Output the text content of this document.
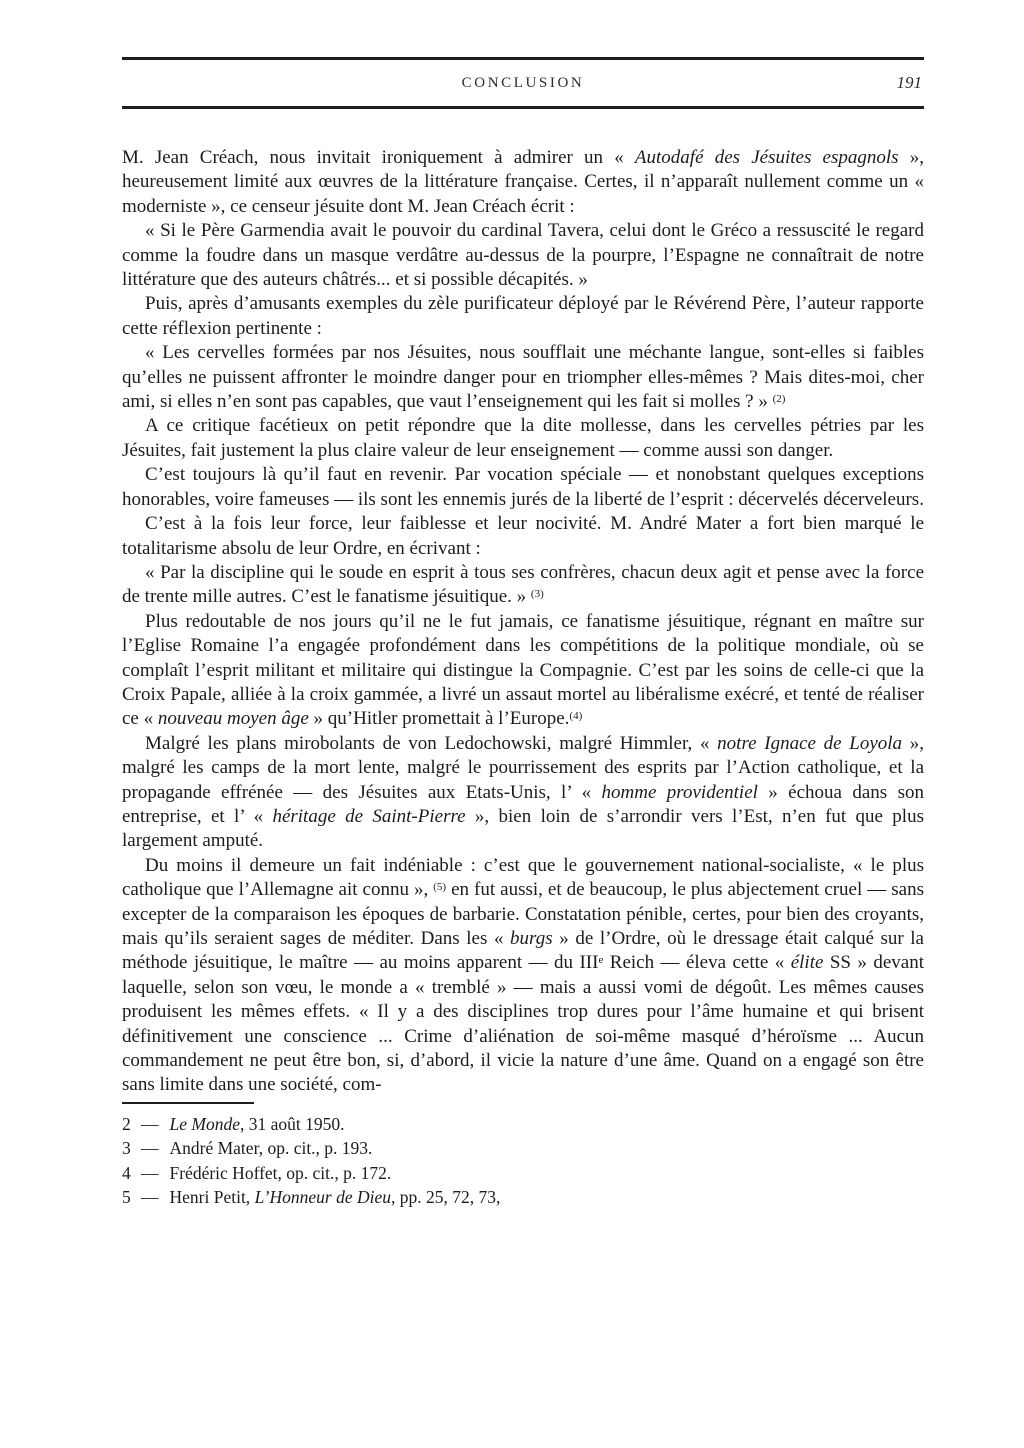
CONCLUSION	191

M. Jean Créach, nous invitait ironiquement à admirer un « Autodafé des Jésuites espagnols », heureusement limité aux œuvres de la littérature française. Certes, il n’apparaît nullement comme un « moderniste », ce censeur jésuite dont M. Jean Créach écrit :

« Si le Père Garmendia avait le pouvoir du cardinal Tavera, celui dont le Gréco a ressuscité le regard comme la foudre dans un masque verdâtre au-dessus de la pourpre, l’Espagne ne connaîtrait de notre littérature que des auteurs châtrés... et si possible décapités. »

Puis, après d’amusants exemples du zèle purificateur déployé par le Révérend Père, l’auteur rapporte cette réflexion pertinente :

« Les cervelles formées par nos Jésuites, nous soufflait une méchante langue, sont-elles si faibles qu’elles ne puissent affronter le moindre danger pour en triompher elles-mêmes ? Mais dites-moi, cher ami, si elles n’en sont pas capables, que vaut l’enseignement qui les fait si molles ? » $^{(2)}$

A ce critique facétieux on petit répondre que la dite mollesse, dans les cervelles pétries par les Jésuites, fait justement la plus claire valeur de leur enseignement — comme aussi son danger.

C’est toujours là qu’il faut en revenir. Par vocation spéciale — et nonobstant quelques exceptions honorables, voire fameuses — ils sont les ennemis jurés de la liberté de l’esprit : décervelés décerveleurs.

C’est à la fois leur force, leur faiblesse et leur nocivité. M. André Mater a fort bien marqué le totalitarisme absolu de leur Ordre, en écrivant :

« Par la discipline qui le soude en esprit à tous ses confrères, chacun deux agit et pense avec la force de trente mille autres. C’est le fanatisme jésuitique. » $^{(3)}$

Plus redoutable de nos jours qu’il ne le fut jamais, ce fanatisme jésuitique, régnant en maître sur l’Eglise Romaine l’a engagée profondément dans les compétitions de la politique mondiale, où se complaît l’esprit militant et militaire qui distingue la Compagnie. C’est par les soins de celle-ci que la Croix Papale, alliée à la croix gammée, a livré un assaut mortel au libéralisme exécré, et tenté de réaliser ce « nouveau moyen âge » qu’Hitler promettait à l’Europe.$^{(4)}$

Malgré les plans mirobolants de von Ledochowski, malgré Himmler, « notre Ignace de Loyola », malgré les camps de la mort lente, malgré le pourrissement des esprits par l’Action catholique, et la propagande effrénée — des Jésuites aux Etats-Unis, l’ « homme providentiel » échoua dans son entreprise, et l’ « héritage de Saint-Pierre », bien loin de s’arrondir vers l’Est, n’en fut que plus largement amputé.

Du moins il demeure un fait indéniable : c’est que le gouvernement national-socialiste, « le plus catholique que l’Allemagne ait connu », $^{(5)}$ en fut aussi, et de beaucoup, le plus abjectement cruel — sans excepter de la comparaison les époques de barbarie. Constatation pénible, certes, pour bien des croyants, mais qu’ils seraient sages de méditer. Dans les « burgs » de l’Ordre, où le dressage était calqué sur la méthode jésuitique, le maître — au moins apparent — du IIIe Reich — éleva cette « élite SS » devant laquelle, selon son vœu, le monde a « tremblé » — mais a aussi vomi de dégoût. Les mêmes causes produisent les mêmes effets. « Il y a des disciplines trop dures pour l’âme humaine et qui brisent définitivement une conscience ... Crime d’aliénation de soi-même masqué d’héroïsme ... Aucun commandement ne peut être bon, si, d’abord, il vicie la nature d’une âme. Quand on a engagé son être sans limite dans une société, com-

2 — Le Monde, 31 août 1950.
3 — André Mater, op. cit., p. 193.
4 — Frédéric Hoffet, op. cit., p. 172.
5 — Henri Petit, L’Honneur de Dieu, pp. 25, 72, 73,
